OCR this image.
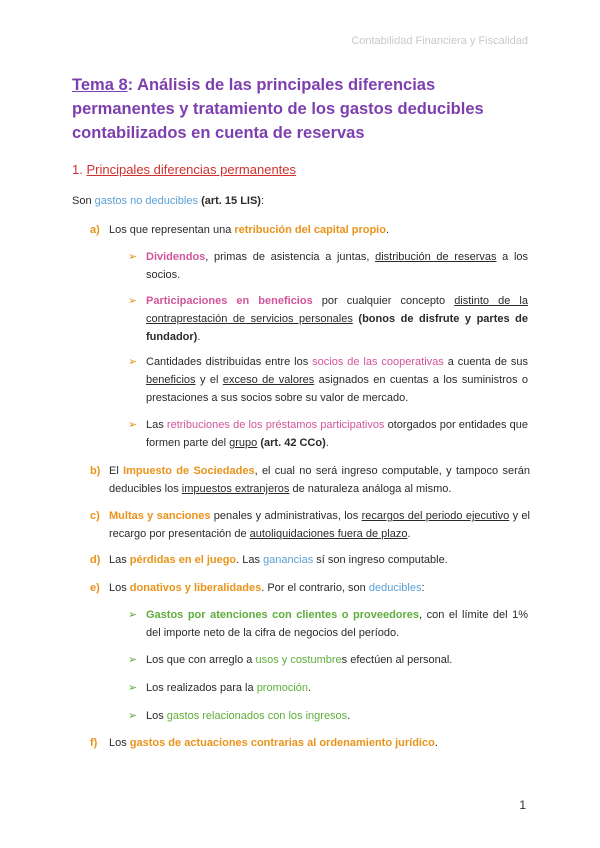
Contabilidad Financiera y Fiscalidad
Tema 8: Análisis de las principales diferencias permanentes y tratamiento de los gastos deducibles contabilizados en cuenta de reservas
1. Principales diferencias permanentes
Son gastos no deducibles (art. 15 LIS):
a) Los que representan una retribución del capital propio.
➢ Dividendos, primas de asistencia a juntas, distribución de reservas a los socios.
➢ Participaciones en beneficios por cualquier concepto distinto de la contraprestación de servicios personales (bonos de disfrute y partes de fundador).
➢ Cantidades distribuidas entre los socios de las cooperativas a cuenta de sus beneficios y el exceso de valores asignados en cuentas a los suministros o prestaciones a sus socios sobre su valor de mercado.
➢ Las retribuciones de los préstamos participativos otorgados por entidades que formen parte del grupo (art. 42 CCo).
b) El Impuesto de Sociedades, el cual no será ingreso computable, y tampoco serán deducibles los impuestos extranjeros de naturaleza análoga al mismo.
c) Multas y sanciones penales y administrativas, los recargos del periodo ejecutivo y el recargo por presentación de autoliquidaciones fuera de plazo.
d) Las pérdidas en el juego. Las ganancias sí son ingreso computable.
e) Los donativos y liberalidades. Por el contrario, son deducibles:
➢ Gastos por atenciones con clientes o proveedores, con el límite del 1% del importe neto de la cifra de negocios del período.
➢ Los que con arreglo a usos y costumbres efectúen al personal.
➢ Los realizados para la promoción.
➢ Los gastos relacionados con los ingresos.
f) Los gastos de actuaciones contrarias al ordenamiento jurídico.
1
